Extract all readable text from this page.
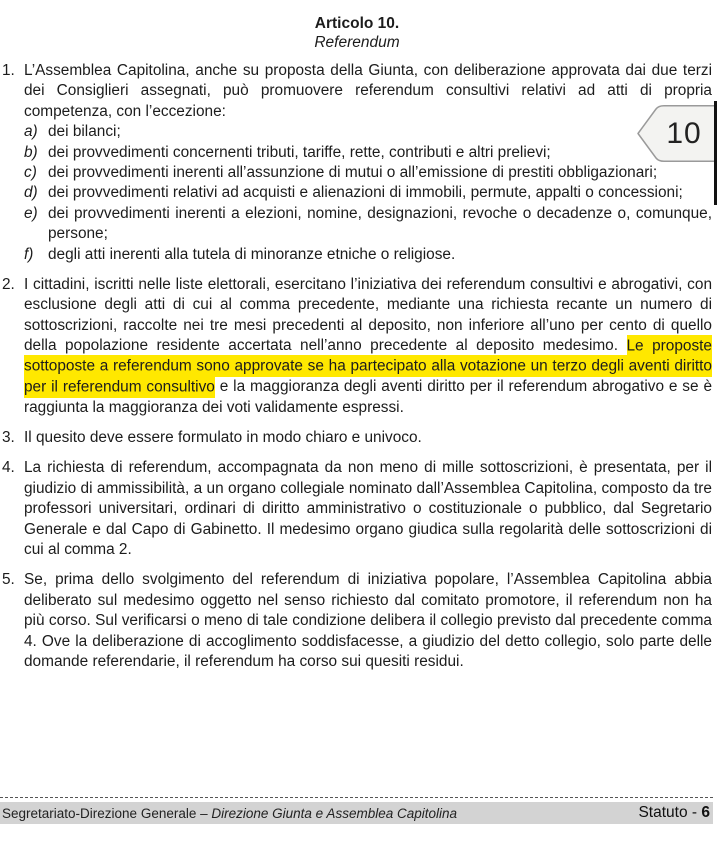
Articolo 10.
Referendum
1. L’Assemblea Capitolina, anche su proposta della Giunta, con deliberazione approvata dai due terzi dei Consiglieri assegnati, può promuovere referendum consultivi relativi ad atti di propria competenza, con l’eccezione:
a) dei bilanci;
b) dei provvedimenti concernenti tributi, tariffe, rette, contributi e altri prelievi;
c) dei provvedimenti inerenti all’assunzione di mutui o all’emissione di prestiti obbligazionari;
d) dei provvedimenti relativi ad acquisti e alienazioni di immobili, permute, appalti o concessioni;
e) dei provvedimenti inerenti a elezioni, nomine, designazioni, revoche o decadenze o, comunque, persone;
f) degli atti inerenti alla tutela di minoranze etniche o religiose.
2. I cittadini, iscritti nelle liste elettorali, esercitano l’iniziativa dei referendum consultivi e abrogativi, con esclusione degli atti di cui al comma precedente, mediante una richiesta recante un numero di sottoscrizioni, raccolte nei tre mesi precedenti al deposito, non inferiore all’uno per cento di quello della popolazione residente accertata nell’anno precedente al deposito medesimo. Le proposte sottoposte a referendum sono approvate se ha partecipato alla votazione un terzo degli aventi diritto per il referendum consultivo e la maggioranza degli aventi diritto per il referendum abrogativo e se è raggiunta la maggioranza dei voti validamente espressi.
3. Il quesito deve essere formulato in modo chiaro e univoco.
4. La richiesta di referendum, accompagnata da non meno di mille sottoscrizioni, è presentata, per il giudizio di ammissibilità, a un organo collegiale nominato dall’Assemblea Capitolina, composto da tre professori universitari, ordinari di diritto amministrativo o costituzionale o pubblico, dal Segretario Generale e dal Capo di Gabinetto. Il medesimo organo giudica sulla regolarità delle sottoscrizioni di cui al comma 2.
5. Se, prima dello svolgimento del referendum di iniziativa popolare, l’Assemblea Capitolina abbia deliberato sul medesimo oggetto nel senso richiesto dal comitato promotore, il referendum non ha più corso. Sul verificarsi o meno di tale condizione delibera il collegio previsto dal precedente comma 4. Ove la deliberazione di accoglimento soddisfacesse, a giudizio del detto collegio, solo parte delle domande referendarie, il referendum ha corso sui quesiti residui.
10
Segretariato-Direzione Generale – Direzione Giunta e Assemblea Capitolina	Statuto - 6
